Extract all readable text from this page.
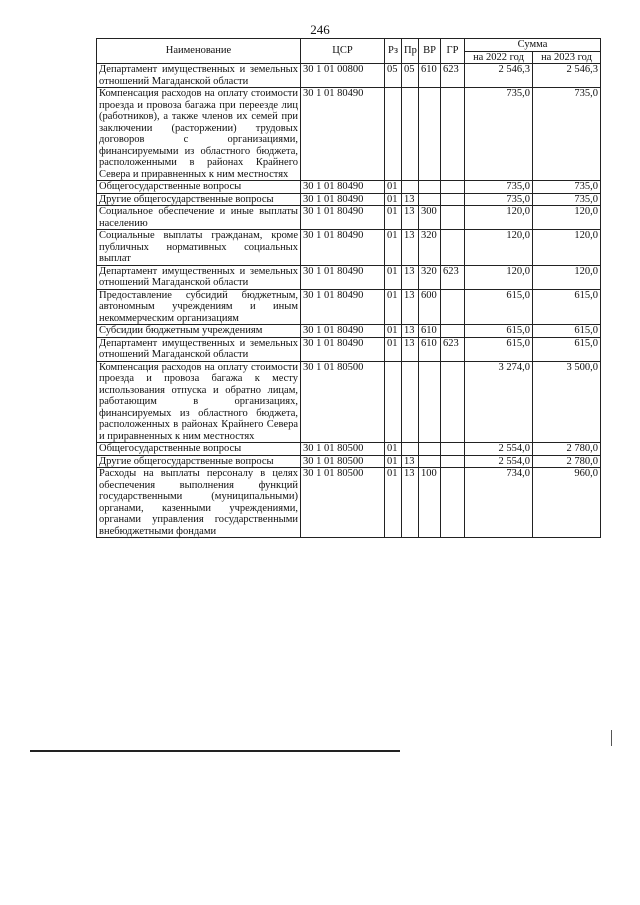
246
Наименование	ЦСР	Рз	Пр	ВР	ГР	Сумма	
						на 2022 год	на 2023 год
Департамент имущественных и земельных отношений Магаданской области	30 1 01 00800	05	05	610	623	2 546,3	2 546,3
Компенсация расходов на оплату стоимости проезда и провоза багажа при переезде лиц (работников), а также членов их семей при заключении (расторжении) трудовых договоров с организациями, финансируемыми из областного бюджета, расположенными в районах Крайнего Севера и приравненных к ним местностях	30 1 01 80490					735,0	735,0
Общегосударственные вопросы	30 1 01 80490	01				735,0	735,0
Другие общегосударственные вопросы	30 1 01 80490	01	13			735,0	735,0
Социальное обеспечение и иные выплаты населению	30 1 01 80490	01	13	300		120,0	120,0
Социальные выплаты гражданам, кроме публичных нормативных социальных выплат	30 1 01 80490	01	13	320		120,0	120,0
Департамент имущественных и земельных отношений Магаданской области	30 1 01 80490	01	13	320	623	120,0	120,0
Предоставление субсидий бюджетным, автономным учреждениям и иным некоммерческим организациям	30 1 01 80490	01	13	600		615,0	615,0
Субсидии бюджетным учреждениям	30 1 01 80490	01	13	610		615,0	615,0
Департамент имущественных и земельных отношений Магаданской области	30 1 01 80490	01	13	610	623	615,0	615,0
Компенсация расходов на оплату стоимости проезда и провоза багажа к месту использования отпуска и обратно лицам, работающим в организациях, финансируемых из областного бюджета, расположенных в районах Крайнего Севера и приравненных к ним местностях	30 1 01 80500					3 274,0	3 500,0
Общегосударственные вопросы	30 1 01 80500	01				2 554,0	2 780,0
Другие общегосударственные вопросы	30 1 01 80500	01	13			2 554,0	2 780,0
Расходы на выплаты персоналу в целях обеспечения выполнения функций государственными (муниципальными) органами, казенными учреждениями, органами управления государственными внебюджетными фондами	30 1 01 80500	01	13	100		734,0	960,0
